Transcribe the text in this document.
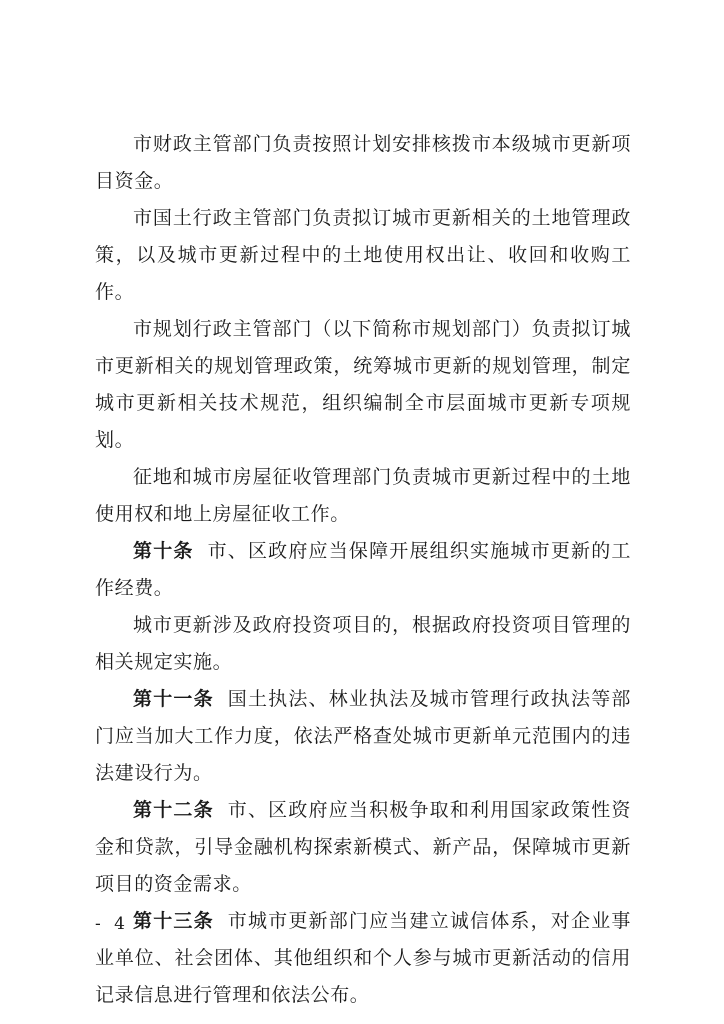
市财政主管部门负责按照计划安排核拨市本级城市更新项目资金。

市国土行政主管部门负责拟订城市更新相关的土地管理政策，以及城市更新过程中的土地使用权出让、收回和收购工作。

市规划行政主管部门（以下简称市规划部门）负责拟订城市更新相关的规划管理政策，统筹城市更新的规划管理，制定城市更新相关技术规范，组织编制全市层面城市更新专项规划。

征地和城市房屋征收管理部门负责城市更新过程中的土地使用权和地上房屋征收工作。

第十条 市、区政府应当保障开展组织实施城市更新的工作经费。

城市更新涉及政府投资项目的，根据政府投资项目管理的相关规定实施。

第十一条 国土执法、林业执法及城市管理行政执法等部门应当加大工作力度，依法严格查处城市更新单元范围内的违法建设行为。

第十二条 市、区政府应当积极争取和利用国家政策性资金和贷款，引导金融机构探索新模式、新产品，保障城市更新项目的资金需求。

第十三条 市城市更新部门应当建立诚信体系，对企业事业单位、社会团体、其他组织和个人参与城市更新活动的信用记录信息进行管理和依法公布。

- 4 -
